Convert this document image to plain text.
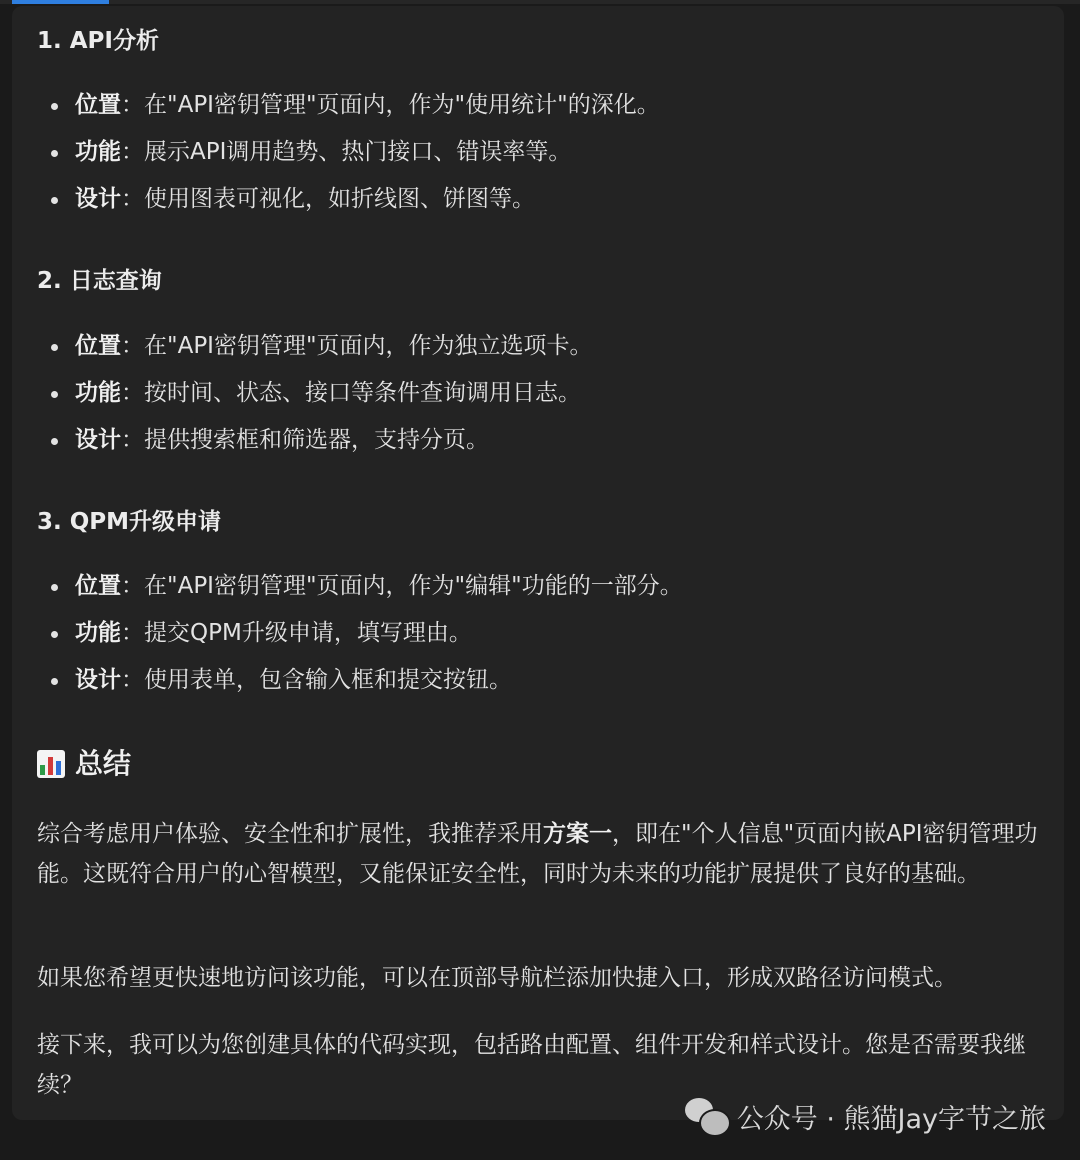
1. API分析
位置：在"API密钥管理"页面内，作为"使用统计"的深化。
功能：展示API调用趋势、热门接口、错误率等。
设计：使用图表可视化，如折线图、饼图等。
2. 日志查询
位置：在"API密钥管理"页面内，作为独立选项卡。
功能：按时间、状态、接口等条件查询调用日志。
设计：提供搜索框和筛选器，支持分页。
3. QPM升级申请
位置：在"API密钥管理"页面内，作为"编辑"功能的一部分。
功能：提交QPM升级申请，填写理由。
设计：使用表单，包含输入框和提交按钮。
总结

综合考虑用户体验、安全性和扩展性，我推荐采用方案一，即在"个人信息"页面内嵌API密钥管理功能。这既符合用户的心智模型，又能保证安全性，同时为未来的功能扩展提供了良好的基础。

如果您希望更快速地访问该功能，可以在顶部导航栏添加快捷入口，形成双路径访问模式。

接下来，我可以为您创建具体的代码实现，包括路由配置、组件开发和样式设计。您是否需要我继续？

公众号 · 熊猫Jay字节之旅
